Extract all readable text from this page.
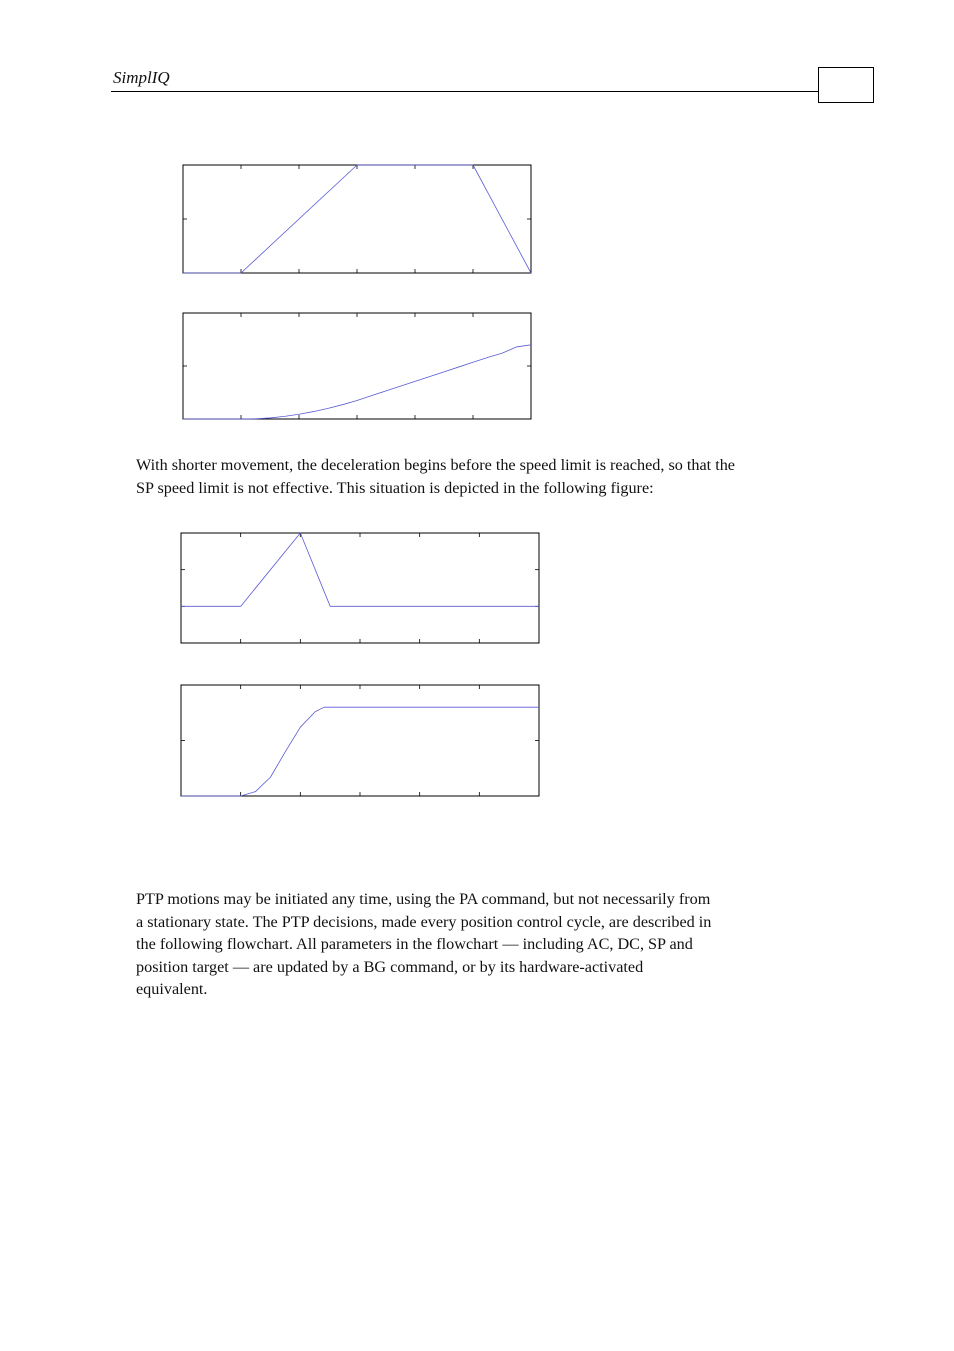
SimplIQ

With shorter movement, the deceleration begins before the speed limit is reached, so that the
SP speed limit is not effective. This situation is depicted in the following figure:

PTP motions may be initiated any time, using the PA command, but not necessarily from
a stationary state. The PTP decisions, made every position control cycle, are described in
the following flowchart. All parameters in the flowchart — including AC, DC, SP and
position target — are updated by a BG command, or by its hardware-activated
equivalent.
